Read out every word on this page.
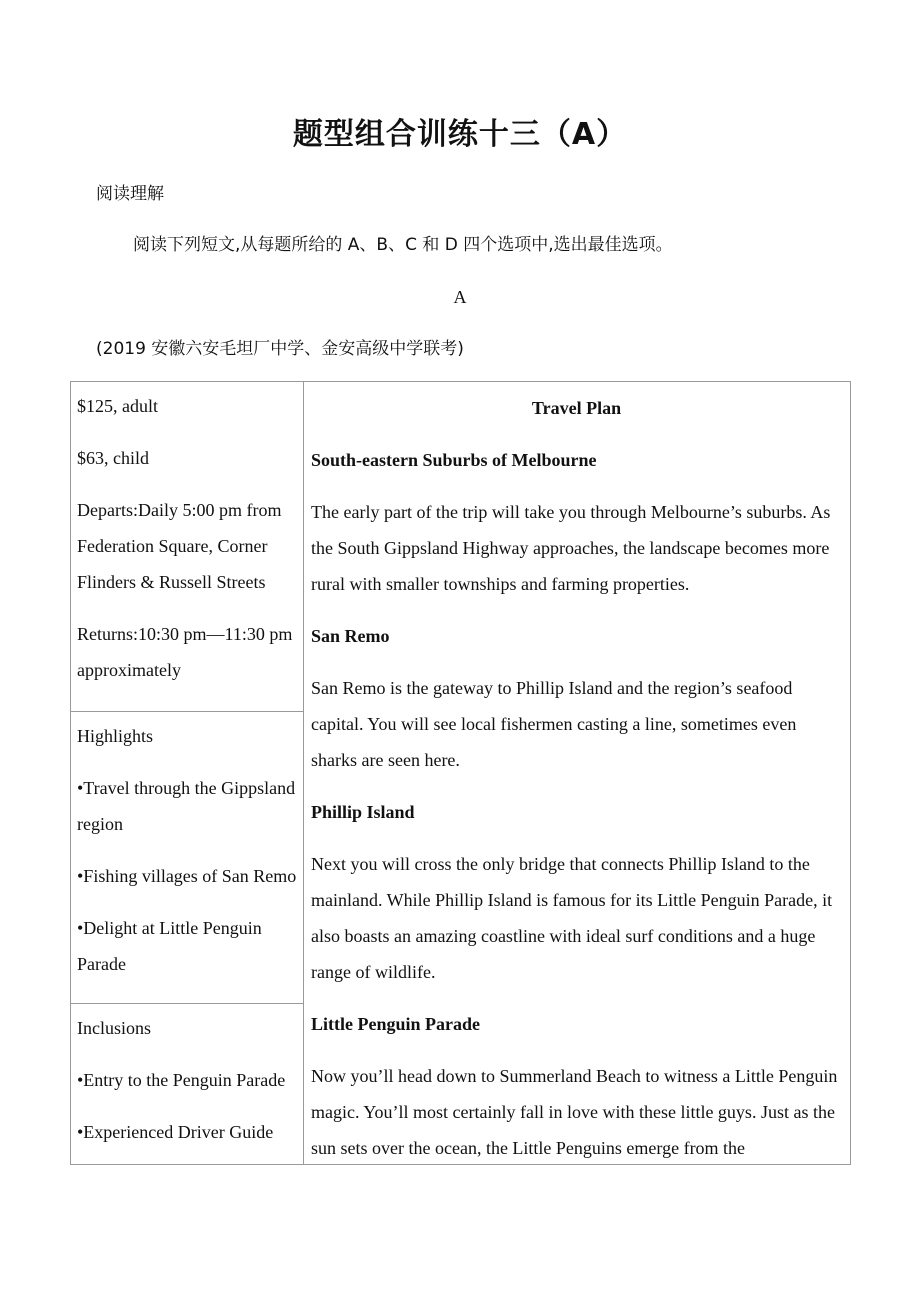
题型组合训练十三（A）
阅读理解
阅读下列短文,从每题所给的 A、B、C 和 D 四个选项中,选出最佳选项。
A
(2019 安徽六安毛坦厂中学、金安高级中学联考)

$125, adult

$63, child

Departs:Daily 5:00 pm from Federation Square, Corner Flinders & Russell Streets

Returns:10:30 pm—11:30 pm approximately

Travel Plan
South-eastern Suburbs of Melbourne

The early part of the trip will take you through Melbourne’s suburbs. As the South Gippsland Highway approaches, the landscape becomes more rural with smaller townships and farming properties.

San Remo

San Remo is the gateway to Phillip Island and the region’s seafood capital. You will see local fishermen casting a line, sometimes even sharks are seen here.

Phillip Island

Next you will cross the only bridge that connects Phillip Island to the mainland. While Phillip Island is famous for its Little Penguin Parade, it also boasts an amazing coastline with ideal surf conditions and a huge range of wildlife.

Little Penguin Parade

Now you’ll head down to Summerland Beach to witness a Little Penguin magic. You’ll most certainly fall in love with these little guys. Just as the sun sets over the ocean, the Little Penguins emerge from the

Highlights

•Travel through the Gippsland region

•Fishing villages of San Remo

•Delight at Little Penguin Parade

Inclusions

•Entry to the Penguin Parade

•Experienced Driver Guide
